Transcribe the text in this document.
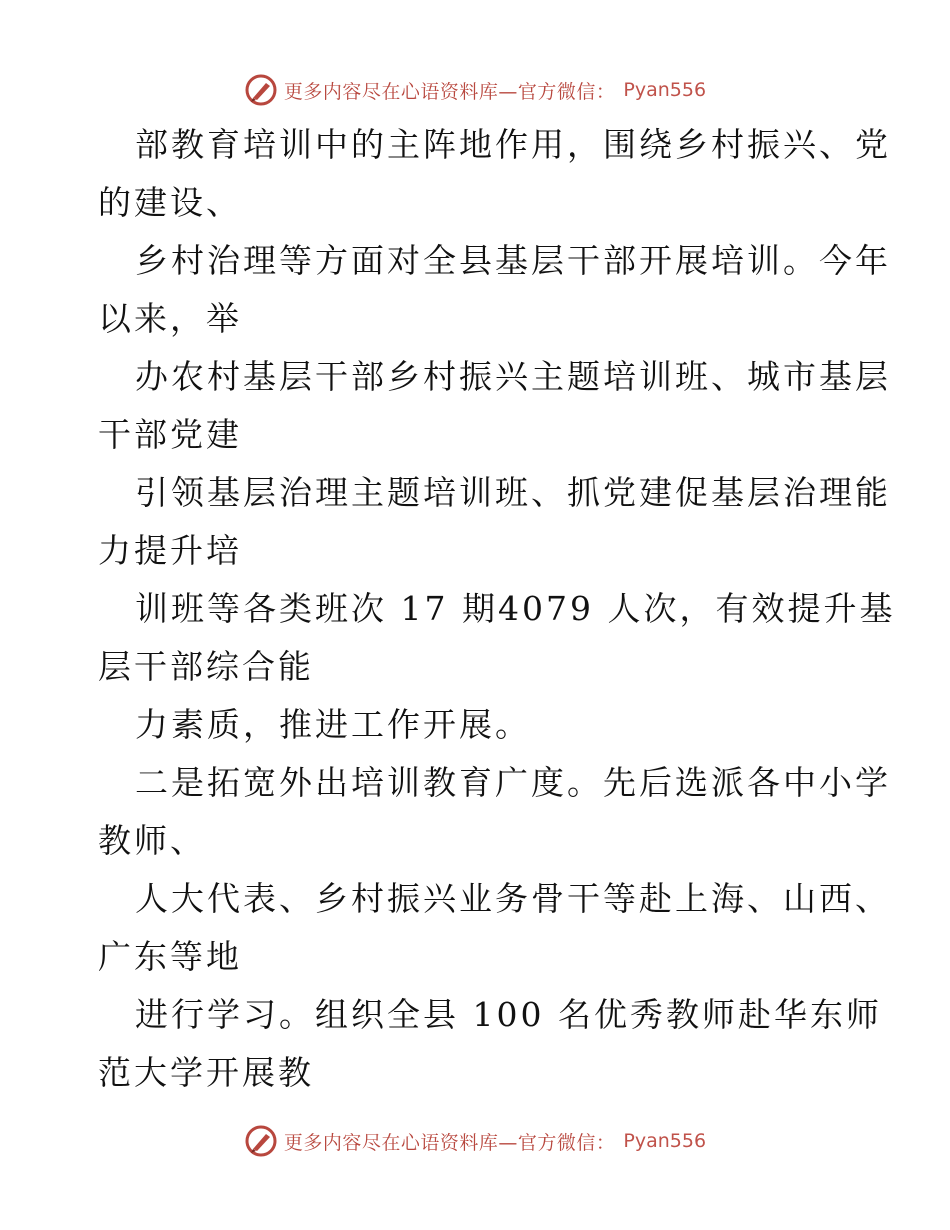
更多内容尽在心语资料库—官方微信： Pyan556
部教育培训中的主阵地作用，围绕乡村振兴、党
的建设、
乡村治理等方面对全县基层干部开展培训。今年
以来，举
办农村基层干部乡村振兴主题培训班、城市基层
干部党建
引领基层治理主题培训班、抓党建促基层治理能
力提升培
训班等各类班次 17 期4079 人次，有效提升基
层干部综合能
力素质，推进工作开展。
二是拓宽外出培训教育广度。先后选派各中小学
教师、
人大代表、乡村振兴业务骨干等赴上海、山西、
广东等地
进行学习。组织全县 100 名优秀教师赴华东师
范大学开展教
更多内容尽在心语资料库—官方微信： Pyan556
